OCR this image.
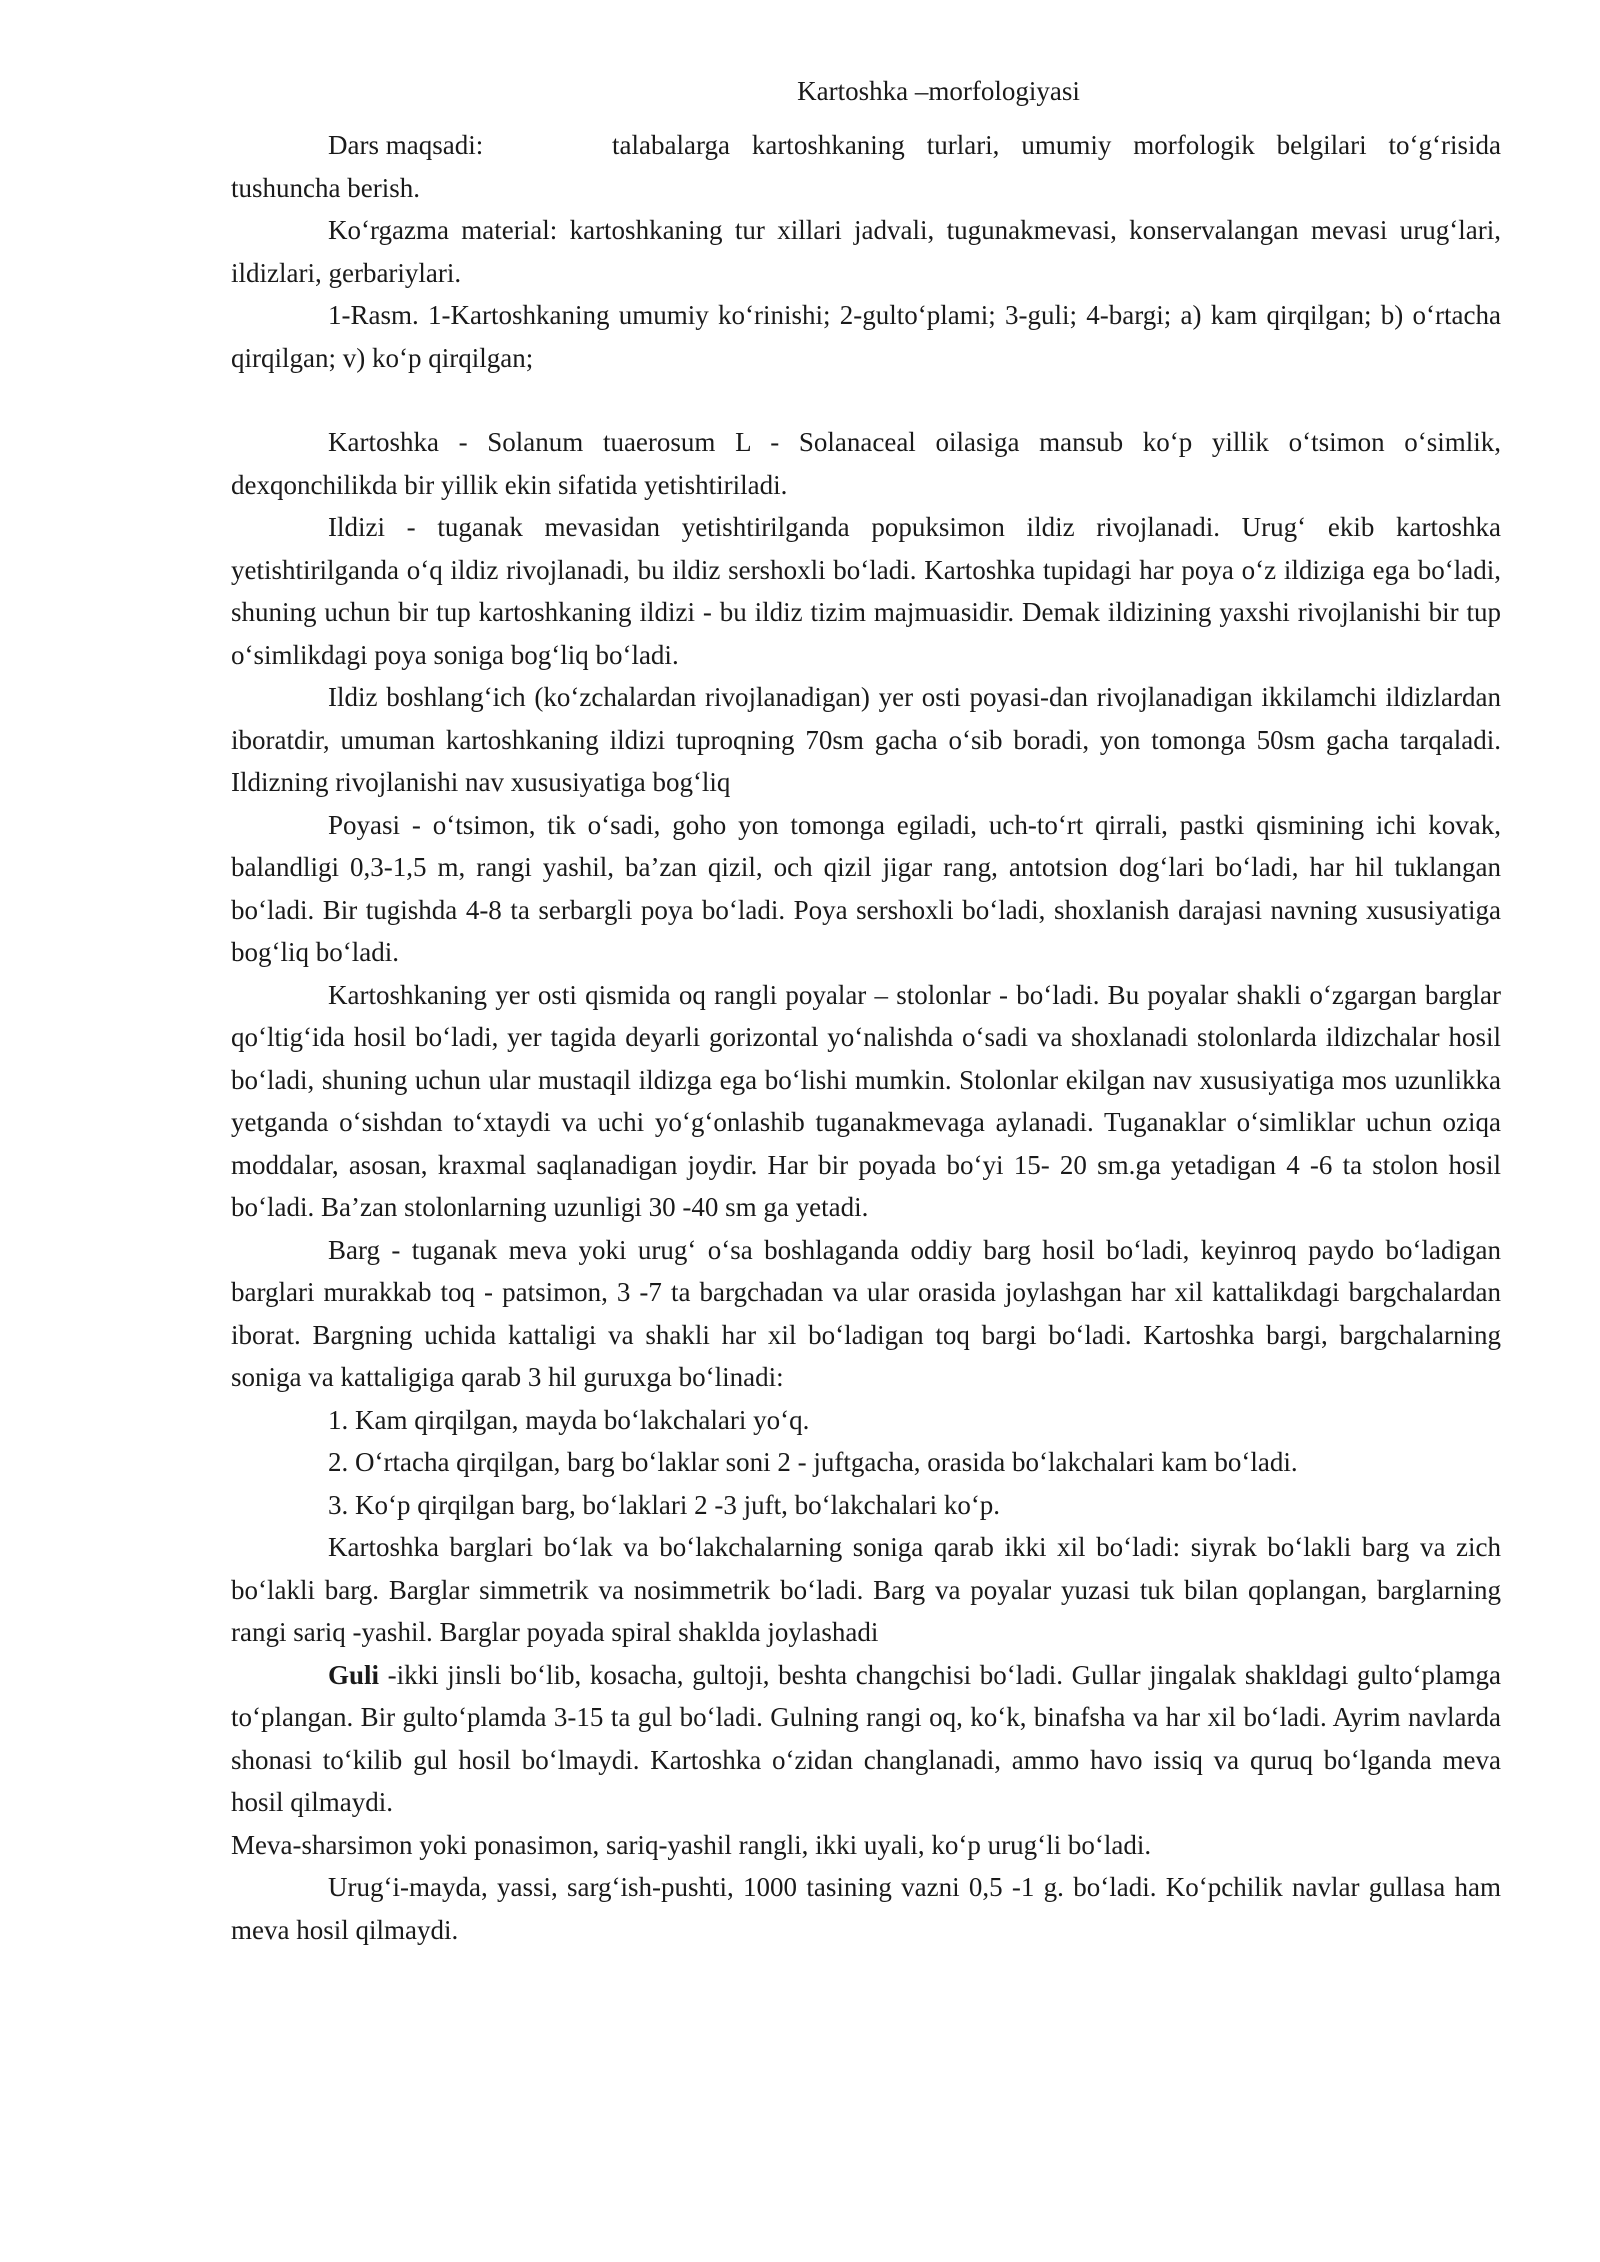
Kartoshka –morfologiyasi

Dars maqsadi:	talabalarga kartoshkaning turlari, umumiy morfologik belgilari to‘g‘risida tushuncha berish.

Ko‘rgazma material: kartoshkaning tur xillari jadvali, tugunakmevasi, konservalangan mevasi urug‘lari, ildizlari, gerbariylari.

1-Rasm. 1-Kartoshkaning umumiy ko‘rinishi; 2-gulto‘plami; 3-guli; 4-bargi; a) kam qirqilgan; b) o‘rtacha qirqilgan; v) ko‘p qirqilgan;

Kartoshka - Solanum tuaerosum L - Solanaceal oilasiga mansub ko‘p yillik o‘tsimon o‘simlik, dexqonchilikda bir yillik ekin sifatida yetishtiriladi.

Ildizi - tuganak mevasidan yetishtirilganda popuksimon ildiz rivojlanadi. Urug‘ ekib kartoshka yetishtirilganda o‘q ildiz rivojlanadi, bu ildiz sershoxli bo‘ladi. Kartoshka tupidagi har poya o‘z ildiziga ega bo‘ladi, shuning uchun bir tup kartoshkaning ildizi - bu ildiz tizim majmuasidir. Demak ildizining yaxshi rivojlanishi bir tup o‘simlikdagi poya soniga bog‘liq bo‘ladi.

Ildiz boshlang‘ich (ko‘zchalardan rivojlanadigan) yer osti poyasi-dan rivojlanadigan ikkilamchi ildizlardan iboratdir, umuman kartoshkaning ildizi tuproqning 70sm gacha o‘sib boradi, yon tomonga 50sm gacha tarqaladi. Ildizning rivojlanishi nav xususiyatiga bog‘liq

Poyasi - o‘tsimon, tik o‘sadi, goho yon tomonga egiladi, uch-to‘rt qirrali, pastki qismining ichi kovak, balandligi 0,3-1,5 m, rangi yashil, ba’zan qizil, och qizil jigar rang, antotsion dog‘lari bo‘ladi, har hil tuklangan bo‘ladi. Bir tugishda 4-8 ta serbargli poya bo‘ladi. Poya sershoxli bo‘ladi, shoxlanish darajasi navning xususiyatiga bog‘liq bo‘ladi.

Kartoshkaning yer osti qismida oq rangli poyalar – stolonlar - bo‘ladi. Bu poyalar shakli o‘zgargan barglar qo‘ltig‘ida hosil bo‘ladi, yer tagida deyarli gorizontal yo‘nalishda o‘sadi va shoxlanadi stolonlarda ildizchalar hosil bo‘ladi, shuning uchun ular mustaqil ildizga ega bo‘lishi mumkin. Stolonlar ekilgan nav xususiyatiga mos uzunlikka yetganda o‘sishdan to‘xtaydi va uchi yo‘g‘onlashib tuganakmevaga aylanadi. Tuganaklar o‘simliklar uchun oziqa moddalar, asosan, kraxmal saqlanadigan joydir. Har bir poyada bo‘yi 15- 20 sm.ga yetadigan 4 -6 ta stolon hosil bo‘ladi. Ba’zan stolonlarning uzunligi 30 -40 sm ga yetadi.

Barg - tuganak meva yoki urug‘ o‘sa boshlaganda oddiy barg hosil bo‘ladi, keyinroq paydo bo‘ladigan barglari murakkab toq - patsimon, 3 -7 ta bargchadan va ular orasida joylashgan har xil kattalikdagi bargchalardan iborat. Bargning uchida kattaligi va shakli har xil bo‘ladigan toq bargi bo‘ladi. Kartoshka bargi, bargchalarning soniga va kattaligiga qarab 3 hil guruxga bo‘linadi:

1. Kam qirqilgan, mayda bo‘lakchalari yo‘q.

2. O‘rtacha qirqilgan, barg bo‘laklar soni 2 - juftgacha, orasida bo‘lakchalari kam bo‘ladi.

3. Ko‘p qirqilgan barg, bo‘laklari 2 -3 juft, bo‘lakchalari ko‘p.

Kartoshka barglari bo‘lak va bo‘lakchalarning soniga qarab ikki xil bo‘ladi: siyrak bo‘lakli barg va zich bo‘lakli barg. Barglar simmetrik va nosimmetrik bo‘ladi. Barg va poyalar yuzasi tuk bilan qoplangan, barglarning rangi sariq -yashil. Barglar poyada spiral shaklda joylashadi

Guli -ikki jinsli bo‘lib, kosacha, gultoji, beshta changchisi bo‘ladi. Gullar jingalak shakldagi gulto‘plamga to‘plangan. Bir gulto‘plamda 3-15 ta gul bo‘ladi. Gulning rangi oq, ko‘k, binafsha va har xil bo‘ladi. Ayrim navlarda shonasi to‘kilib gul hosil bo‘lmaydi. Kartoshka o‘zidan changlanadi, ammo havo issiq va quruq bo‘lganda meva hosil qilmaydi.

Meva-sharsimon yoki ponasimon, sariq-yashil rangli, ikki uyali, ko‘p urug‘li bo‘ladi.

Urug‘i-mayda, yassi, sarg‘ish-pushti, 1000 tasining vazni 0,5 -1 g. bo‘ladi. Ko‘pchilik navlar gullasa ham meva hosil qilmaydi.
